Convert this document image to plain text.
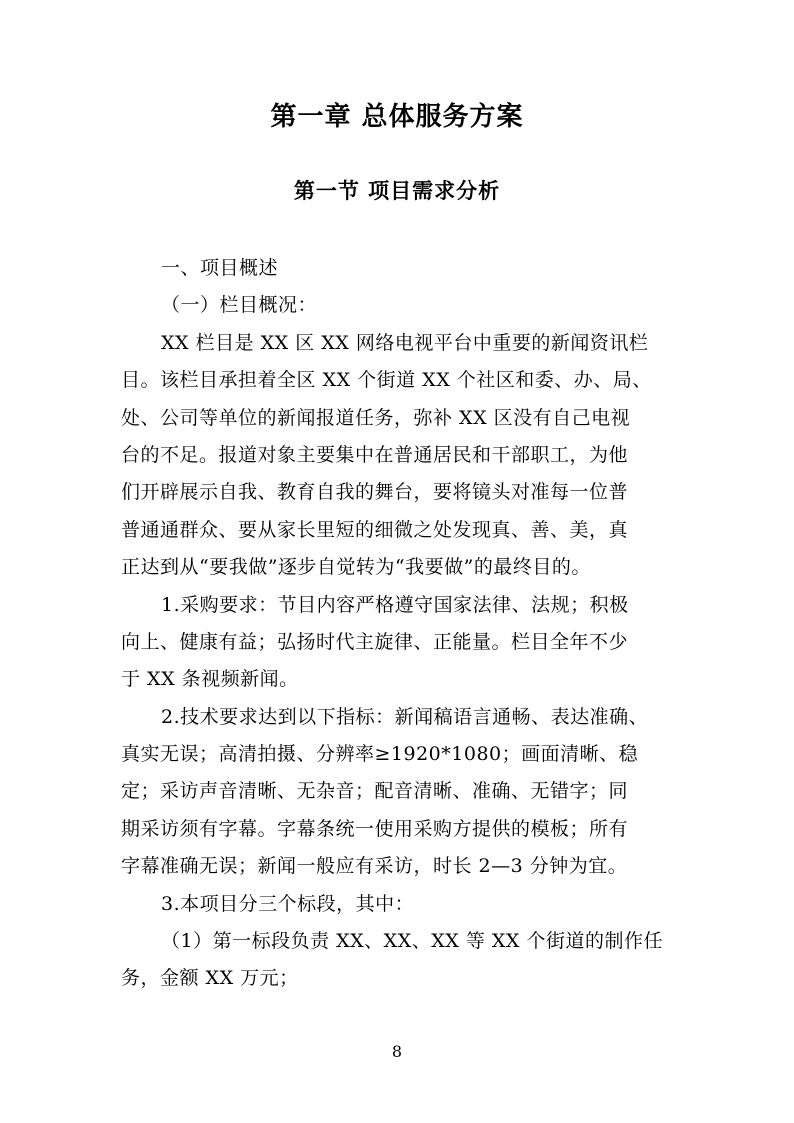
第一章 总体服务方案
第一节 项目需求分析
一、项目概述
（一）栏目概况：
XX 栏目是 XX 区 XX 网络电视平台中重要的新闻资讯栏
目。该栏目承担着全区 XX 个街道 XX 个社区和委、办、局、
处、公司等单位的新闻报道任务，弥补 XX 区没有自己电视
台的不足。报道对象主要集中在普通居民和干部职工，为他
们开辟展示自我、教育自我的舞台，要将镜头对准每一位普
普通通群众、要从家长里短的细微之处发现真、善、美，真
正达到从“要我做”逐步自觉转为“我要做”的最终目的。
1.采购要求：节目内容严格遵守国家法律、法规；积极
向上、健康有益；弘扬时代主旋律、正能量。栏目全年不少
于 XX 条视频新闻。
2.技术要求达到以下指标：新闻稿语言通畅、表达准确、
真实无误；高清拍摄、分辨率≥1920*1080；画面清晰、稳
定；采访声音清晰、无杂音；配音清晰、准确、无错字；同
期采访须有字幕。字幕条统一使用采购方提供的模板；所有
字幕准确无误；新闻一般应有采访，时长 2—3 分钟为宜。
3.本项目分三个标段，其中：
（1）第一标段负责 XX、XX、XX 等 XX 个街道的制作任
务，金额 XX 万元；
8
